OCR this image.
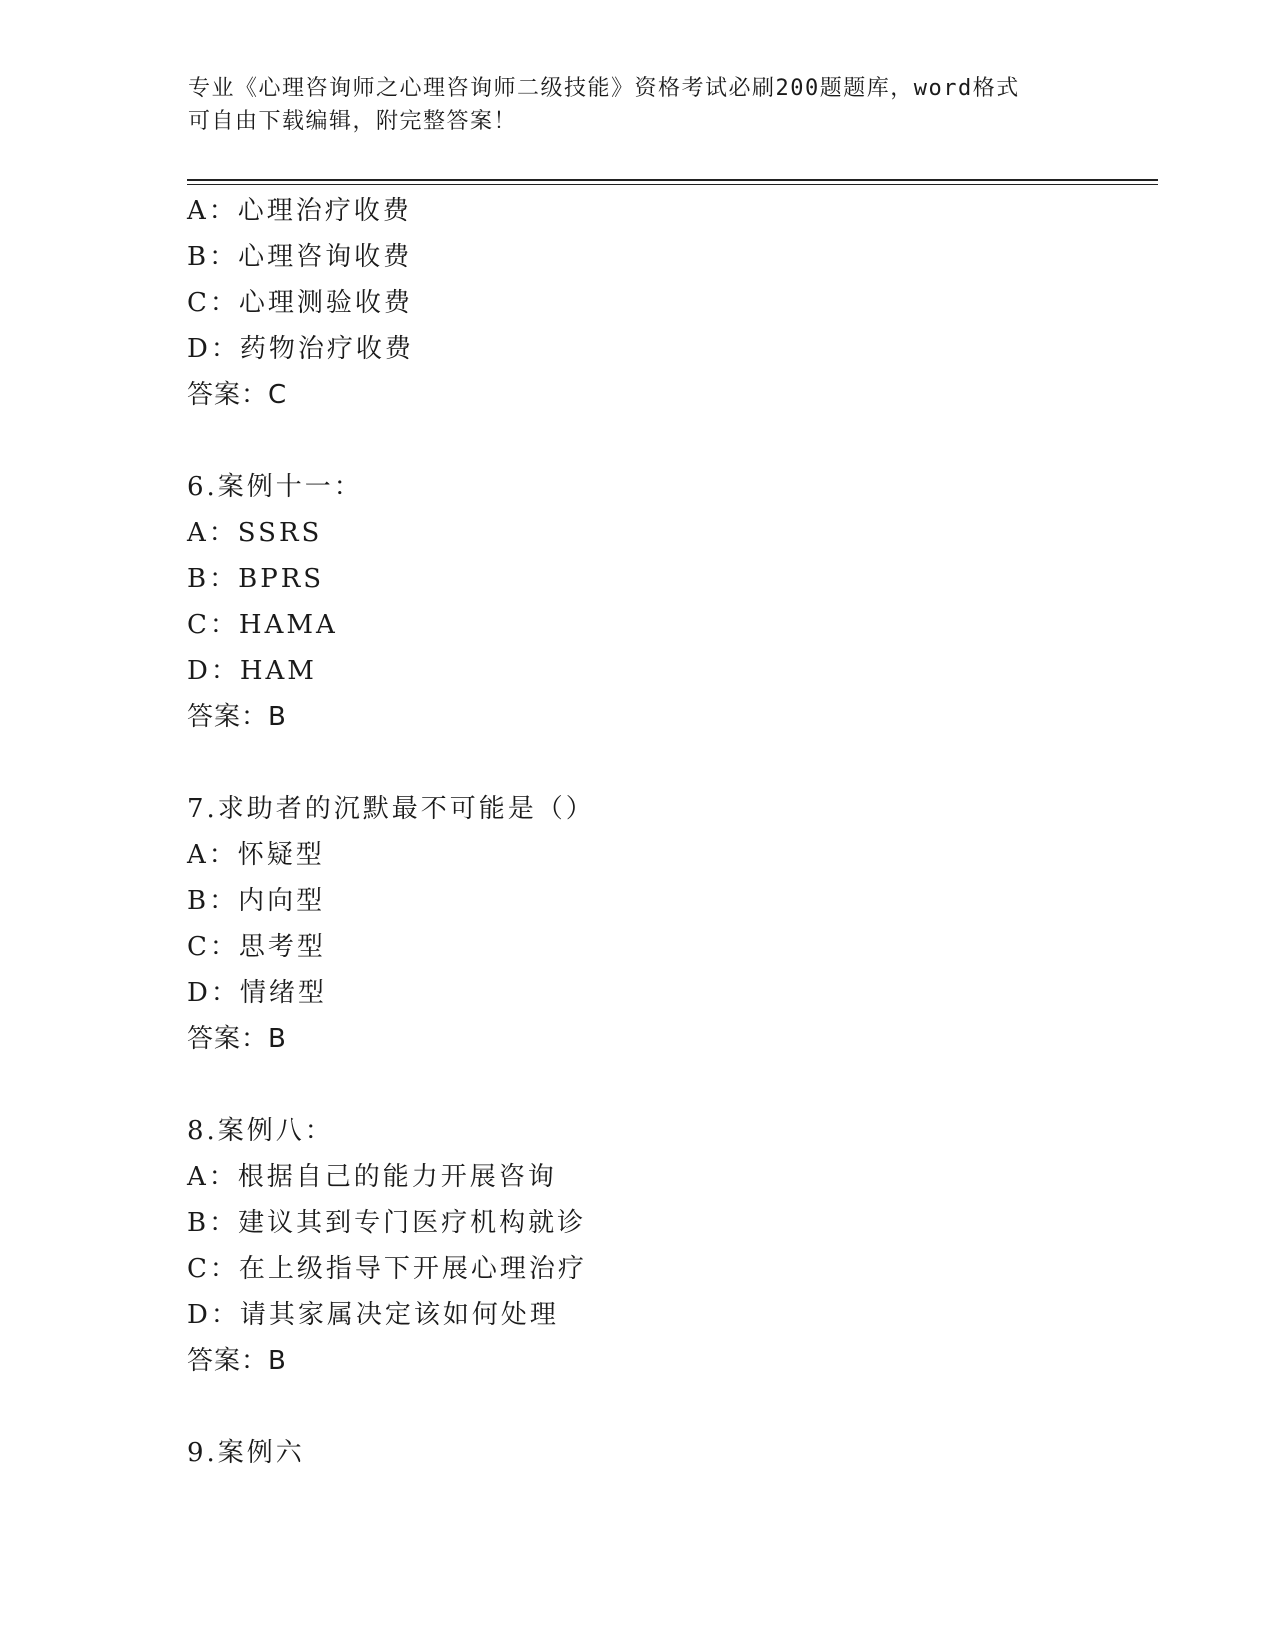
专业《心理咨询师之心理咨询师二级技能》资格考试必刷200题题库，word格式
可自由下载编辑，附完整答案！
A：心理治疗收费
B：心理咨询收费
C：心理测验收费
D：药物治疗收费
答案：C
6.案例十一：
A：SSRS
B：BPRS
C：HAMA
D：HAM
答案：B
7.求助者的沉默最不可能是（）
A：怀疑型
B：内向型
C：思考型
D：情绪型
答案：B
8.案例八：
A：根据自己的能力开展咨询
B：建议其到专门医疗机构就诊
C：在上级指导下开展心理治疗
D：请其家属决定该如何处理
答案：B
9.案例六
